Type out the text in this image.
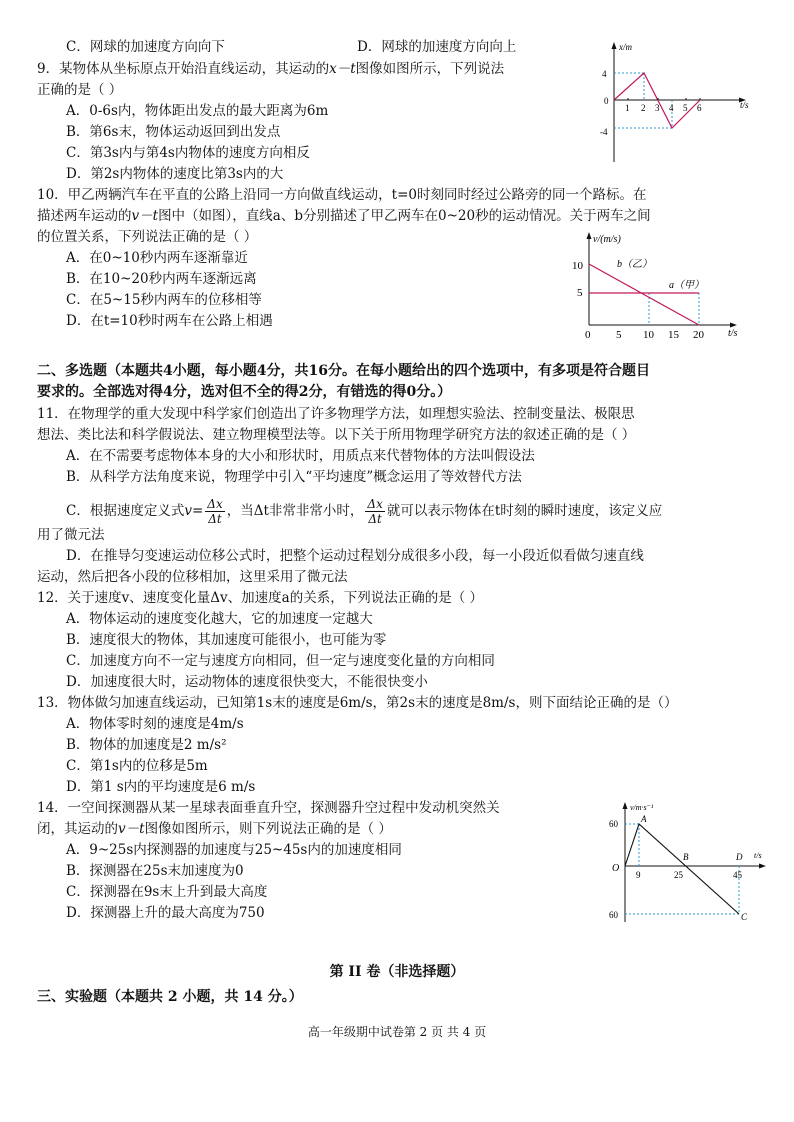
C．网球的加速度方向向下	D．网球的加速度方向向上
9．某物体从坐标原点开始沿直线运动，其运动的x－t图像如图所示，下列说法
正确的是（ ）
A．0-6s内，物体距出发点的最大距离为6m
B．第6s末，物体运动返回到出发点
C．第3s内与第4s内物体的速度方向相反
D．第2s内物体的速度比第3s内的大
x/m
t/s
4
0
-4
1 2 3 4 5 6
10．甲乙两辆汽车在平直的公路上沿同一方向做直线运动，t=0时刻同时经过公路旁的同一个路标。在
描述两车运动的v－t图中（如图），直线a、b分别描述了甲乙两车在0~20秒的运动情况。关于两车之间
的位置关系，下列说法正确的是（ ）
A．在0~10秒内两车逐渐靠近
B．在10~20秒内两车逐渐远离
C．在5~15秒内两车的位移相等
D．在t=10秒时两车在公路上相遇
v/(m/s)
t/s
10
5
b（乙）
a（甲）
0 5 10 15 20
二、多选题（本题共4小题，每小题4分，共16分。在每小题给出的四个选项中，有多项是符合题目
要求的。全部选对得4分，选对但不全的得2分，有错选的得0分。）
11．在物理学的重大发现中科学家们创造出了许多物理学方法，如理想实验法、控制变量法、极限思
想法、类比法和科学假说法、建立物理模型法等。以下关于所用物理学研究方法的叙述正确的是（ ）
A．在不需要考虑物体本身的大小和形状时，用质点来代替物体的方法叫假设法
B．从科学方法角度来说，物理学中引入“平均速度”概念运用了等效替代方法
C．根据速度定义式$v= \frac{\Delta x}{\Delta t}$ ，当Δt非常非常小时， $\frac{\Delta x}{\Delta t}$ 就可以表示物体在t时刻的瞬时速度，该定义应
用了微元法
D．在推导匀变速运动位移公式时，把整个运动过程划分成很多小段，每一小段近似看做匀速直线
运动，然后把各小段的位移相加，这里采用了微元法
12．关于速度v、速度变化量Δv、加速度a的关系，下列说法正确的是（ ）
A．物体运动的速度变化越大，它的加速度一定越大
B．速度很大的物体，其加速度可能很小，也可能为零
C．加速度方向不一定与速度方向相同，但一定与速度变化量的方向相同
D．加速度很大时，运动物体的速度很快变大，不能很快变小
13．物体做匀加速直线运动，已知第1s末的速度是6m/s，第2s末的速度是8m/s，则下面结论正确的是（）
A．物体零时刻的速度是4m/s
B．物体的加速度是2 m/s²
C．第1s内的位移是5m
D．第1 s内的平均速度是6 m/s
14．一空间探测器从某一星球表面垂直升空，探测器升空过程中发动机突然关
闭，其运动的v－t图像如图所示，则下列说法正确的是（ ）
A．9~25s内探测器的加速度与25~45s内的加速度相同
B．探测器在25s末加速度为0
C．探测器在9s末上升到最大高度
D．探测器上升的最大高度为750
v/m·s⁻¹
t/s
60
60
O
A
B
C
D
9	25	45
第 II 卷（非选择题）
三、实验题（本题共 2 小题，共 14 分。）
高一年级期中试卷第 2 页 共 4 页
